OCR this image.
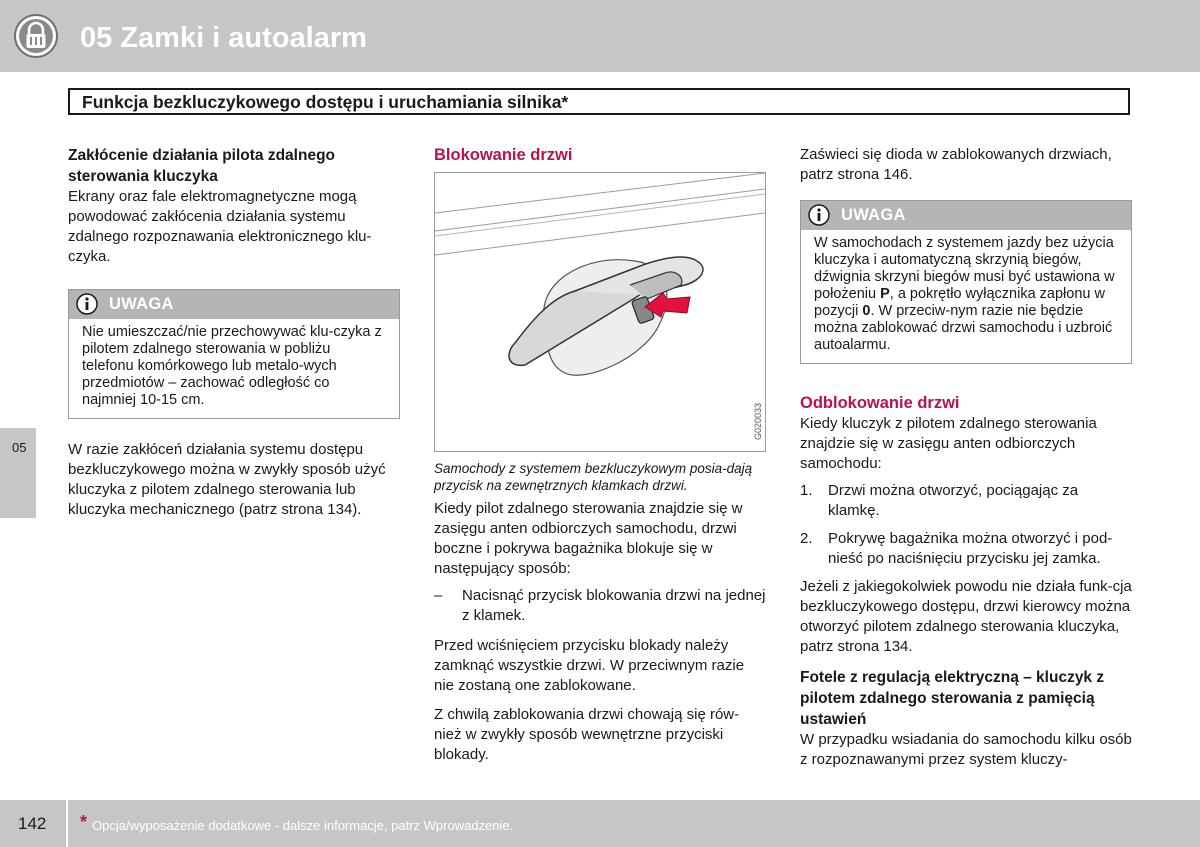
05 Zamki i autoalarm
Funkcja bezkluczykowego dostępu i uruchamiania silnika*
05
Zakłócenie działania pilota zdalnego sterowania kluczyka

Ekrany oraz fale elektromagnetyczne mogą powodować zakłócenia działania systemu zdalnego rozpoznawania elektronicznego klu-czyka.

UWAGA
Nie umieszczać/nie przechowywać klu-czyka z pilotem zdalnego sterowania w pobliżu telefonu komórkowego lub metalo-wych przedmiotów – zachować odległość co najmniej 10-15 cm.

W razie zakłóceń działania systemu dostępu bezkluczykowego można w zwykły sposób użyć kluczyka z pilotem zdalnego sterowania lub kluczyka mechanicznego (patrz strona 134).

Blokowanie drzwi
G020033

Samochody z systemem bezkluczykowym posia-dają przycisk na zewnętrznych klamkach drzwi.

Kiedy pilot zdalnego sterowania znajdzie się w zasięgu anten odbiorczych samochodu, drzwi boczne i pokrywa bagażnika blokuje się w następujący sposób:

– Nacisnąć przycisk blokowania drzwi na jednej z klamek.

Przed wciśnięciem przycisku blokady należy zamknąć wszystkie drzwi. W przeciwnym razie nie zostaną one zablokowane.

Z chwilą zablokowania drzwi chowają się rów-nież w zwykły sposób wewnętrzne przyciski blokady.

Zaświeci się dioda w zablokowanych drzwiach, patrz strona 146.

UWAGA
W samochodach z systemem jazdy bez użycia kluczyka i automatyczną skrzynią biegów, dźwignia skrzyni biegów musi być ustawiona w położeniu P, a pokrętło wyłącznika zapłonu w pozycji 0. W przeciw-nym razie nie będzie można zablokować drzwi samochodu i uzbroić autoalarmu.
Odblokowanie drzwi

Kiedy kluczyk z pilotem zdalnego sterowania znajdzie się w zasięgu anten odbiorczych samochodu:

1. Drzwi można otworzyć, pociągając za klamkę.
2. Pokrywę bagażnika można otworzyć i pod-nieść po naciśnięciu przycisku jej zamka.

Jeżeli z jakiegokolwiek powodu nie działa funk-cja bezkluczykowego dostępu, drzwi kierowcy można otworzyć pilotem zdalnego sterowania kluczyka, patrz strona 134.

Fotele z regulacją elektryczną – kluczyk z pilotem zdalnego sterowania z pamięcią ustawień

W przypadku wsiadania do samochodu kilku osób z rozpoznawanymi przez system kluczy-

142 * Opcja/wyposażenie dodatkowe - dalsze informacje, patrz Wprowadzenie.
